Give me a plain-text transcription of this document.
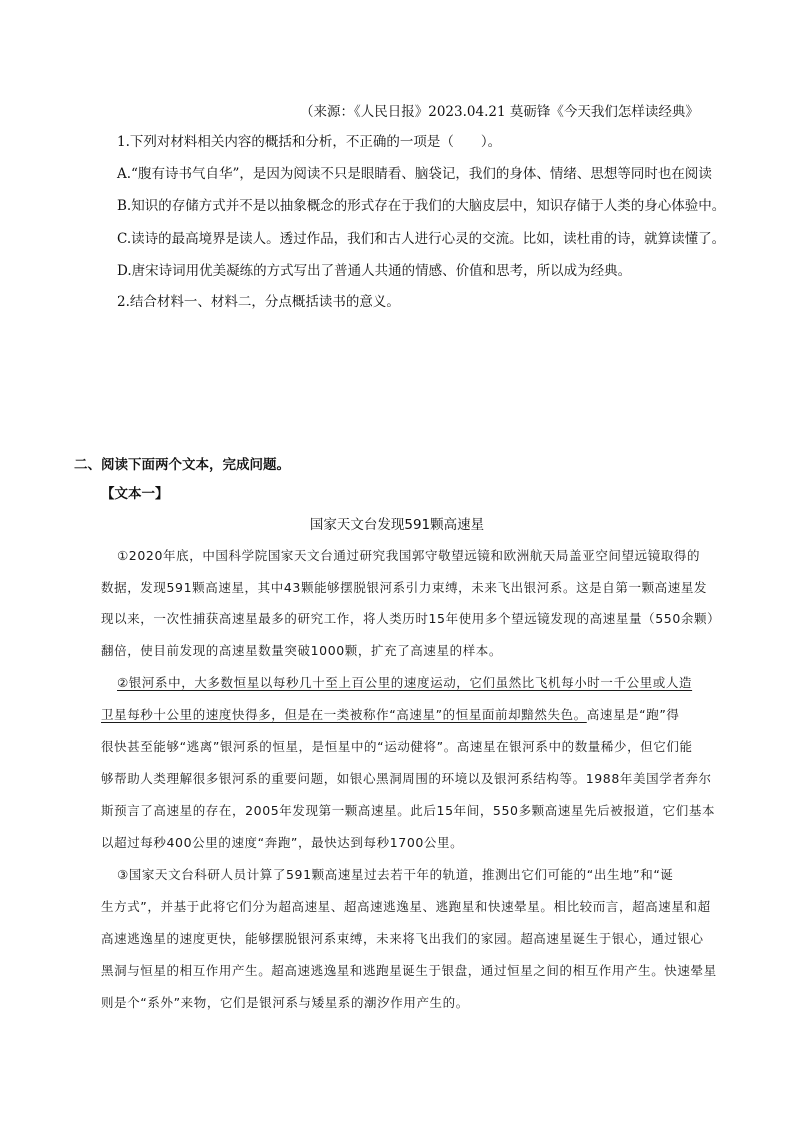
（来源：《人民日报》2023.04.21 莫砺锋《今天我们怎样读经典》
1.下列对材料相关内容的概括和分析，不正确的一项是（　　）。
A.“腹有诗书气自华”，是因为阅读不只是眼睛看、脑袋记，我们的身体、情绪、思想等同时也在阅读
B.知识的存储方式并不是以抽象概念的形式存在于我们的大脑皮层中，知识存储于人类的身心体验中。
C.读诗的最高境界是读人。透过作品，我们和古人进行心灵的交流。比如，读杜甫的诗，就算读懂了。
D.唐宋诗词用优美凝练的方式写出了普通人共通的情感、价值和思考，所以成为经典。
2.结合材料一、材料二，分点概括读书的意义。
二、阅读下面两个文本，完成问题。
【文本一】
国家天文台发现591颗高速星
①2020年底，中国科学院国家天文台通过研究我国郭守敬望远镜和欧洲航天局盖亚空间望远镜取得的
数据，发现591颗高速星，其中43颗能够摆脱银河系引力束缚，未来飞出银河系。这是自第一颗高速星发
现以来，一次性捕获高速星最多的研究工作，将人类历时15年使用多个望远镜发现的高速星量（550余颗）
翻倍，使目前发现的高速星数量突破1000颗，扩充了高速星的样本。
②银河系中，大多数恒星以每秒几十至上百公里的速度运动，它们虽然比飞机每小时一千公里或人造
卫星每秒十公里的速度快得多，但是在一类被称作“高速星”的恒星面前却黯然失色。高速星是“跑”得
很快甚至能够“逃离”银河系的恒星，是恒星中的“运动健将”。高速星在银河系中的数量稀少，但它们能
够帮助人类理解很多银河系的重要问题，如银心黑洞周围的环境以及银河系结构等。1988年美国学者奔尔
斯预言了高速星的存在，2005年发现第一颗高速星。此后15年间，550多颗高速星先后被报道，它们基本
以超过每秒400公里的速度“奔跑”，最快达到每秒1700公里。
③国家天文台科研人员计算了591颗高速星过去若干年的轨道，推测出它们可能的“出生地”和“诞
生方式”，并基于此将它们分为超高速星、超高速逃逸星、逃跑星和快速晕星。相比较而言，超高速星和超
高速逃逸星的速度更快，能够摆脱银河系束缚，未来将飞出我们的家园。超高速星诞生于银心，通过银心
黑洞与恒星的相互作用产生。超高速逃逸星和逃跑星诞生于银盘，通过恒星之间的相互作用产生。快速晕星
则是个“系外”来物，它们是银河系与矮星系的潮汐作用产生的。
